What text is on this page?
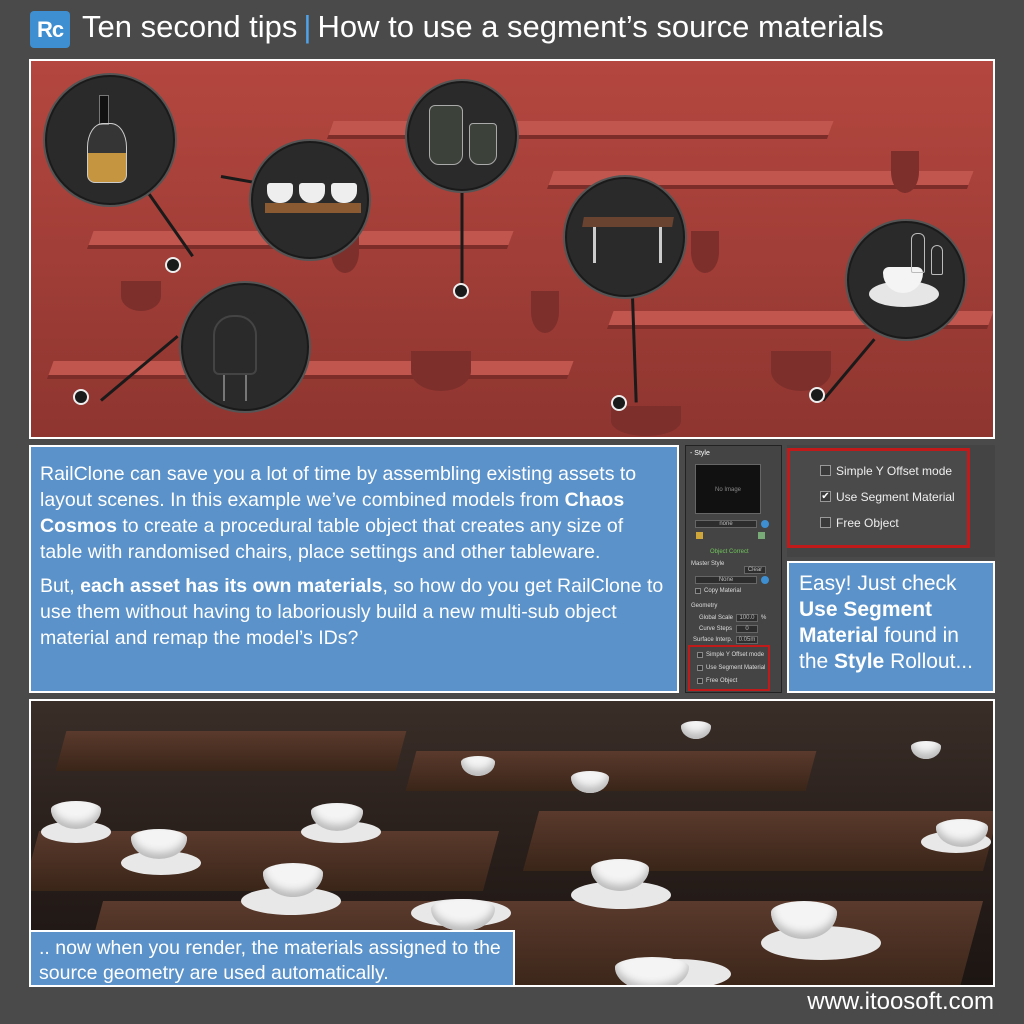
Rc Ten second tips | How to use a segment’s source materials

RailClone can save you a lot of time by assembling existing assets to layout scenes. In this example we’ve combined models from Chaos Cosmos to create a procedural table object that creates any size of table with randomised chairs, place settings and other tableware.

But, each asset has its own materials, so how do you get RailClone to use them without having to laboriously build a new multi-sub object material and remap the model’s IDs?

- Style
No Image
none
Object Correct
Master Style
Clear
None
Copy Material
Geometry
Global Scale	100.0	%
Curve Steps	0
Surface Interp.	0.05m
Simple Y Offset mode
Use Segment Material
Free Object
Simple Y Offset mode
✔ Use Segment Material
Free Object
Easy! Just check Use Segment Material found in the Style Rollout...
.. now when you render, the materials assigned to the source geometry are used automatically.
www.itoosoft.com
